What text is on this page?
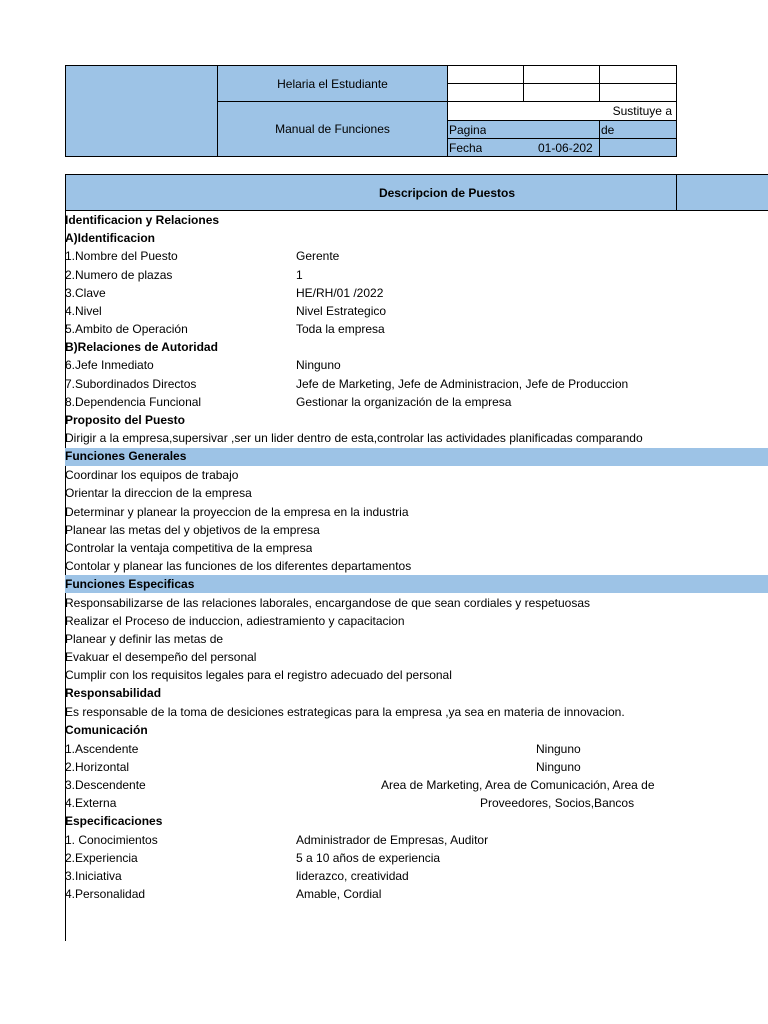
Helaria el Estudiante
Manual de Funciones
Sustituye a
Pagina	de
Fecha	01-06-202
Descripcion de Puestos
Identificacion y Relaciones
A)Identificacion
1.Nombre del Puesto	Gerente
2.Numero de plazas	1
3.Clave	HE/RH/01 /2022
4.Nivel	Nivel Estrategico
5.Ambito de Operación	Toda la empresa
B)Relaciones de Autoridad
6.Jefe Inmediato	Ninguno
7.Subordinados Directos	Jefe de Marketing, Jefe de Administracion, Jefe de Produccion
8.Dependencia Funcional	Gestionar la organización de la empresa
Proposito del Puesto
Dirigir a la empresa,supersivar ,ser un lider dentro de esta,controlar las actividades planificadas comparando
Funciones Generales
Coordinar los equipos de trabajo
Orientar la direccion de la empresa
Determinar y planear la proyeccion de la empresa en la industria
Planear las metas del y objetivos de la empresa
Controlar la ventaja competitiva de la empresa
Contolar y planear las funciones de los diferentes departamentos
Funciones Especificas
Responsabilizarse de las relaciones laborales, encargandose de que sean cordiales y respetuosas
Realizar el Proceso de induccion, adiestramiento y capacitacion
Planear y definir las metas de
Evakuar el desempeño del personal
Cumplir con los requisitos legales para el registro adecuado del personal
Responsabilidad
Es responsable de la toma de desiciones estrategicas para la empresa ,ya sea en materia de innovacion.
Comunicación
1.Ascendente	Ninguno
2.Horizontal	Ninguno
3.Descendente	Area de Marketing, Area de Comunicación, Area de
4.Externa	Proveedores, Socios,Bancos
Especificaciones
1. Conocimientos	Administrador de Empresas, Auditor
2.Experiencia	5 a 10 años de experiencia
3.Iniciativa	liderazco, creatividad
4.Personalidad	Amable, Cordial
